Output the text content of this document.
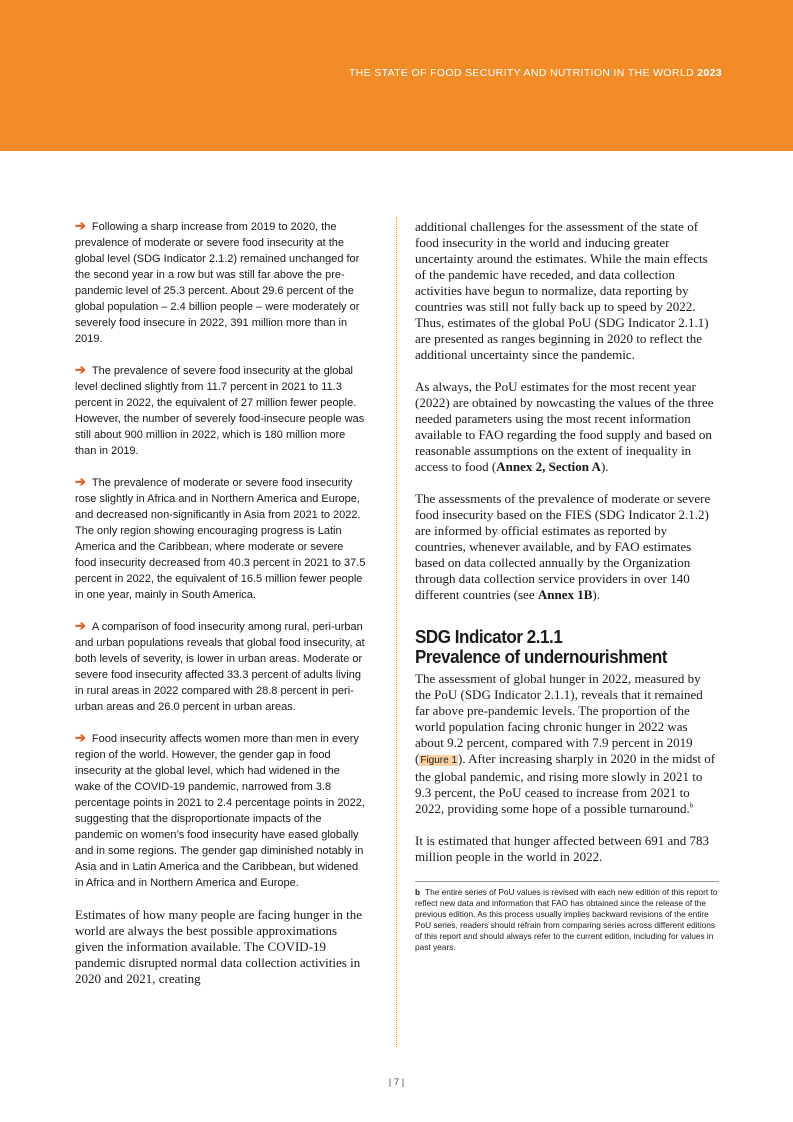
THE STATE OF FOOD SECURITY AND NUTRITION IN THE WORLD 2023

➔ Following a sharp increase from 2019 to 2020, the prevalence of moderate or severe food insecurity at the global level (SDG Indicator 2.1.2) remained unchanged for the second year in a row but was still far above the pre-pandemic level of 25.3 percent. About 29.6 percent of the global population – 2.4 billion people – were moderately or severely food insecure in 2022, 391 million more than in 2019.

➔ The prevalence of severe food insecurity at the global level declined slightly from 11.7 percent in 2021 to 11.3 percent in 2022, the equivalent of 27 million fewer people. However, the number of severely food-insecure people was still about 900 million in 2022, which is 180 million more than in 2019.

➔ The prevalence of moderate or severe food insecurity rose slightly in Africa and in Northern America and Europe, and decreased non-significantly in Asia from 2021 to 2022. The only region showing encouraging progress is Latin America and the Caribbean, where moderate or severe food insecurity decreased from 40.3 percent in 2021 to 37.5 percent in 2022, the equivalent of 16.5 million fewer people in one year, mainly in South America.

➔ A comparison of food insecurity among rural, peri-urban and urban populations reveals that global food insecurity, at both levels of severity, is lower in urban areas. Moderate or severe food insecurity affected 33.3 percent of adults living in rural areas in 2022 compared with 28.8 percent in peri-urban areas and 26.0 percent in urban areas.

➔ Food insecurity affects women more than men in every region of the world. However, the gender gap in food insecurity at the global level, which had widened in the wake of the COVID-19 pandemic, narrowed from 3.8 percentage points in 2021 to 2.4 percentage points in 2022, suggesting that the disproportionate impacts of the pandemic on women’s food insecurity have eased globally and in some regions. The gender gap diminished notably in Asia and in Latin America and the Caribbean, but widened in Africa and in Northern America and Europe.

Estimates of how many people are facing hunger in the world are always the best possible approximations given the information available. The COVID-19 pandemic disrupted normal data collection activities in 2020 and 2021, creating

additional challenges for the assessment of the state of food insecurity in the world and inducing greater uncertainty around the estimates. While the main effects of the pandemic have receded, and data collection activities have begun to normalize, data reporting by countries was still not fully back up to speed by 2022. Thus, estimates of the global PoU (SDG Indicator 2.1.1) are presented as ranges beginning in 2020 to reflect the additional uncertainty since the pandemic.

As always, the PoU estimates for the most recent year (2022) are obtained by nowcasting the values of the three needed parameters using the most recent information available to FAO regarding the food supply and based on reasonable assumptions on the extent of inequality in access to food (Annex 2, Section A).

The assessments of the prevalence of moderate or severe food insecurity based on the FIES (SDG Indicator 2.1.2) are informed by official estimates as reported by countries, whenever available, and by FAO estimates based on data collected annually by the Organization through data collection service providers in over 140 different countries (see Annex 1B).

SDG Indicator 2.1.1
Prevalence of undernourishment

The assessment of global hunger in 2022, measured by the PoU (SDG Indicator 2.1.1), reveals that it remained far above pre-pandemic levels. The proportion of the world population facing chronic hunger in 2022 was about 9.2 percent, compared with 7.9 percent in 2019 (Figure 1). After increasing sharply in 2020 in the midst of the global pandemic, and rising more slowly in 2021 to 9.3 percent, the PoU ceased to increase from 2021 to 2022, providing some hope of a possible turnaround.$^b$

It is estimated that hunger affected between 691 and 783 million people in the world in 2022.

b The entire series of PoU values is revised with each new edition of this report to reflect new data and information that FAO has obtained since the release of the previous edition. As this process usually implies backward revisions of the entire PoU series, readers should refrain from comparing series across different editions of this report and should always refer to the current edition, including for values in past years.

| 7 |
